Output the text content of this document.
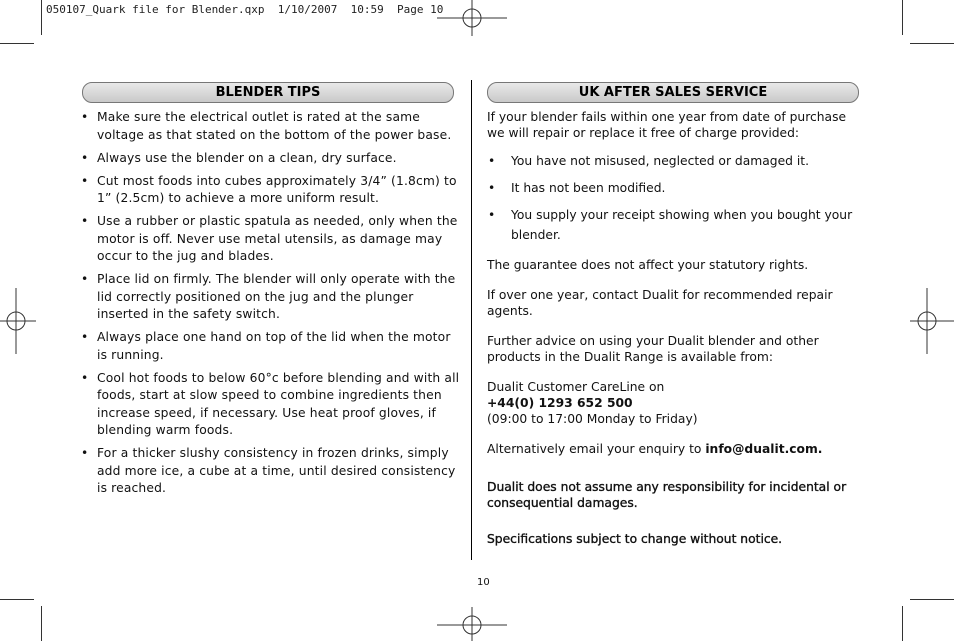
050107_Quark file for Blender.qxp  1/10/2007  10:59  Page 10
BLENDER TIPS
• Make sure the electrical outlet is rated at the same voltage as that stated on the bottom of the power base.
• Always use the blender on a clean, dry surface.
• Cut most foods into cubes approximately 3/4” (1.8cm) to 1” (2.5cm) to achieve a more uniform result.
• Use a rubber or plastic spatula as needed, only when the motor is off. Never use metal utensils, as damage may occur to the jug and blades.
• Place lid on firmly. The blender will only operate with the lid correctly positioned on the jug and the plunger inserted in the safety switch.
• Always place one hand on top of the lid when the motor is running.
• Cool hot foods to below 60°c before blending and with all foods, start at slow speed to combine ingredients then increase speed, if necessary. Use heat proof gloves, if blending warm foods.
• For a thicker slushy consistency in frozen drinks, simply add more ice, a cube at a time, until desired consistency is reached.
UK AFTER SALES SERVICE

If your blender fails within one year from date of purchase we will repair or replace it free of charge provided:

• You have not misused, neglected or damaged it.
• It has not been modified.
• You supply your receipt showing when you bought your blender.

The guarantee does not affect your statutory rights.

If over one year, contact Dualit for recommended repair agents.

Further advice on using your Dualit blender and other products in the Dualit Range is available from:

Dualit Customer CareLine on

+44(0) 1293 652 500

(09:00 to 17:00 Monday to Friday)

Alternatively email your enquiry to info@dualit.com.

Dualit does not assume any responsibility for incidental or consequential damages.

Specifications subject to change without notice.

10
